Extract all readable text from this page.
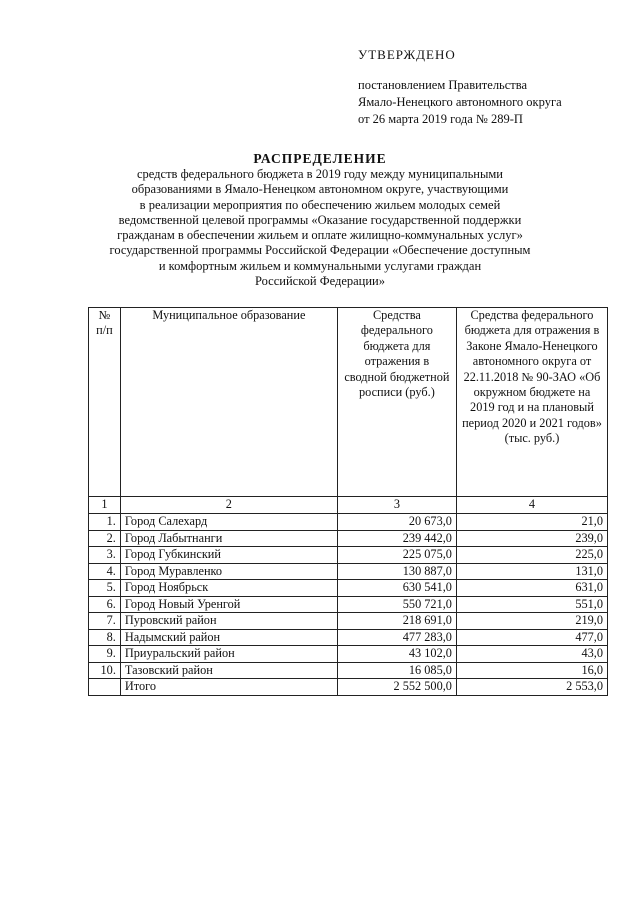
УТВЕРЖДЕНО
постановлением Правительства
Ямало-Ненецкого автономного округа
от 26 марта 2019 года № 289-П
РАСПРЕДЕЛЕНИЕ
средств федерального бюджета в 2019 году между муниципальными
образованиями в Ямало-Ненецком автономном округе, участвующими
в реализации мероприятия по обеспечению жильем молодых семей
ведомственной целевой программы «Оказание государственной поддержки
гражданам в обеспечении жильем и оплате жилищно-коммунальных услуг»
государственной программы Российской Федерации «Обеспечение доступным
и комфортным жильем и коммунальными услугами граждан
Российской Федерации»
№ п/п	Муниципальное образование	Средства федерального бюджета для отражения в сводной бюджетной росписи (руб.)	Средства федерального бюджета для отражения в Законе Ямало-Ненецкого автономного округа от 22.11.2018 № 90-ЗАО «Об окружном бюджете на 2019 год и на плановый период 2020 и 2021 годов» (тыс. руб.)
1	2	3	4
1.	Город Салехард	20 673,0	21,0
2.	Город Лабытнанги	239 442,0	239,0
3.	Город Губкинский	225 075,0	225,0
4.	Город Муравленко	130 887,0	131,0
5.	Город Ноябрьск	630 541,0	631,0
6.	Город Новый Уренгой	550 721,0	551,0
7.	Пуровский район	218 691,0	219,0
8.	Надымский район	477 283,0	477,0
9.	Приуральский район	43 102,0	43,0
10.	Тазовский район	16 085,0	16,0
	Итого	2 552 500,0	2 553,0
